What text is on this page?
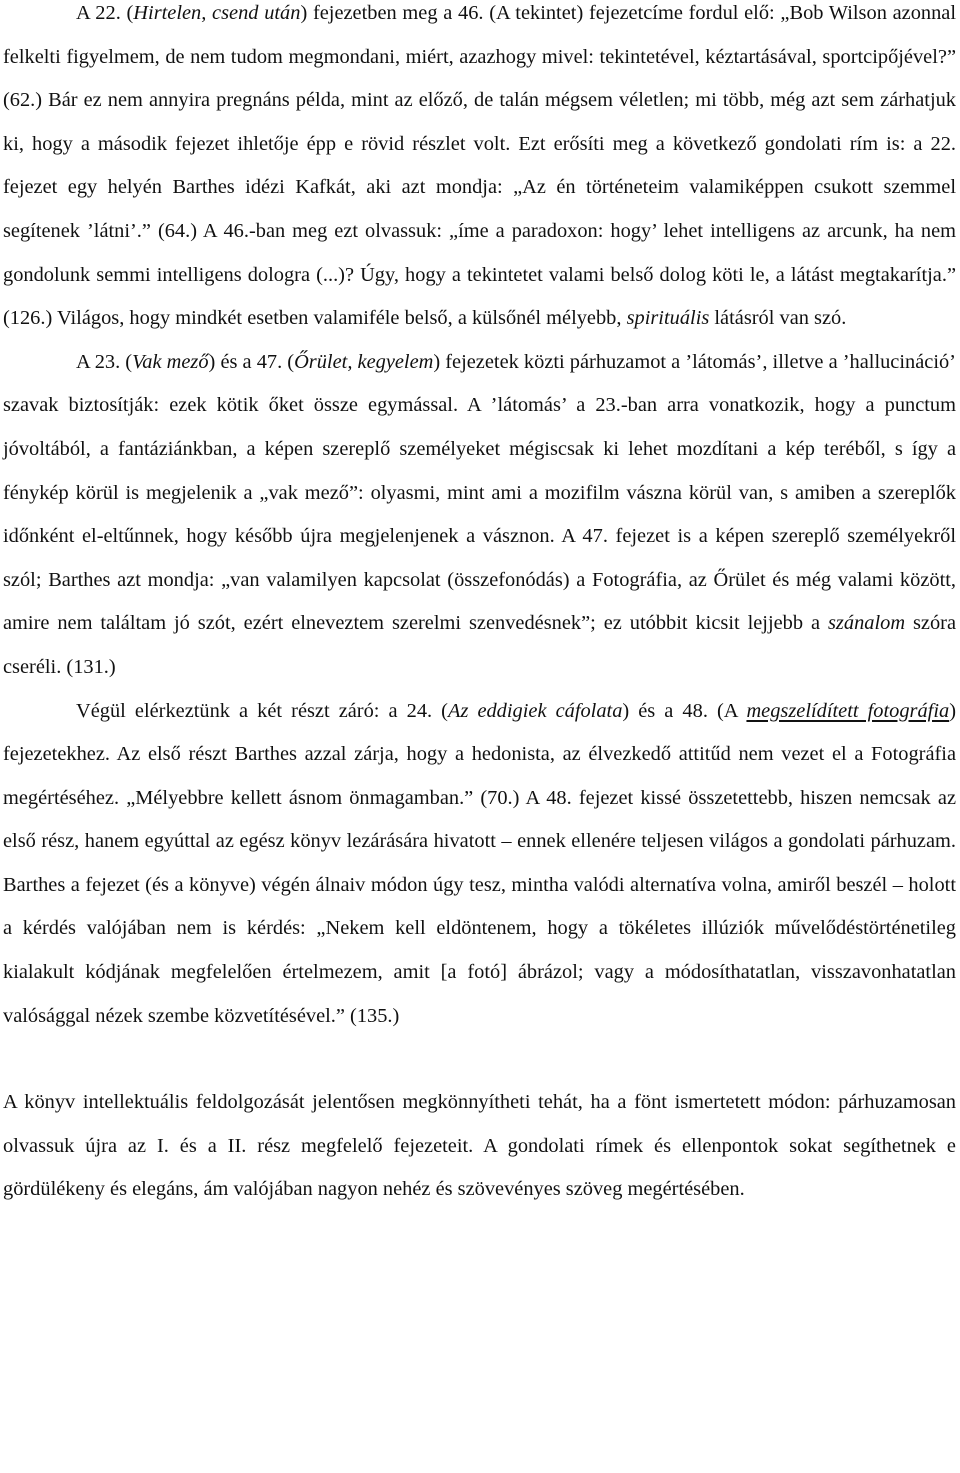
A 22. (Hirtelen, csend után) fejezetben meg a 46. (A tekintet) fejezetcíme fordul elő: „Bob Wilson azonnal felkelti figyelmem, de nem tudom megmondani, miért, azazhogy mivel: tekintetével, kéztartásával, sportcipőjével?” (62.) Bár ez nem annyira pregnáns példa, mint az előző, de talán mégsem véletlen; mi több, még azt sem zárhatjuk ki, hogy a második fejezet ihletője épp e rövid részlet volt. Ezt erősíti meg a következő gondolati rím is: a 22. fejezet egy helyén Barthes idézi Kafkát, aki azt mondja: „Az én történeteim valamiképpen csukott szemmel segítenek ’látni’.” (64.) A 46.-ban meg ezt olvassuk: „íme a paradoxon: hogy’ lehet intelligens az arcunk, ha nem gondolunk semmi intelligens dologra (...)? Úgy, hogy a tekintetet valami belső dolog köti le, a látást megtakarítja.” (126.) Világos, hogy mindkét esetben valamiféle belső, a külsőnél mélyebb, spirituális látásról van szó.

A 23. (Vak mező) és a 47. (Őrület, kegyelem) fejezetek közti párhuzamot a ’látomás’, illetve a ’hallucináció’ szavak biztosítják: ezek kötik őket össze egymással. A ’látomás’ a 23.-ban arra vonatkozik, hogy a punctum jóvoltából, a fantáziánkban, a képen szereplő személyeket mégiscsak ki lehet mozdítani a kép teréből, s így a fénykép körül is megjelenik a „vak mező”: olyasmi, mint ami a mozifilm vászna körül van, s amiben a szereplők időnként el-eltűnnek, hogy később újra megjelenjenek a vásznon. A 47. fejezet is a képen szereplő személyekről szól; Barthes azt mondja: „van valamilyen kapcsolat (összefonódás) a Fotográfia, az Őrület és még valami között, amire nem találtam jó szót, ezért elneveztem szerelmi szenvedésnek”; ez utóbbit kicsit lejjebb a szánalom szóra cseréli. (131.)

Végül elérkeztünk a két részt záró: a 24. (Az eddigiek cáfolata) és a 48. (A megszelídített fotográfia) fejezetekhez. Az első részt Barthes azzal zárja, hogy a hedonista, az élvezkedő attitűd nem vezet el a Fotográfia megértéséhez. „Mélyebbre kellett ásnom önmagamban.” (70.) A 48. fejezet kissé összetettebb, hiszen nemcsak az első rész, hanem egyúttal az egész könyv lezárására hivatott – ennek ellenére teljesen világos a gondolati párhuzam. Barthes a fejezet (és a könyve) végén álnaiv módon úgy tesz, mintha valódi alternatíva volna, amiről beszél – holott a kérdés valójában nem is kérdés: „Nekem kell eldöntenem, hogy a tökéletes illúziók művelődéstörténetileg kialakult kódjának megfelelően értelmezem, amit [a fotó] ábrázol; vagy a módosíthatatlan, visszavonhatatlan valósággal nézek szembe közvetítésével.” (135.)

A könyv intellektuális feldolgozását jelentősen megkönnyítheti tehát, ha a fönt ismertetett módon: párhuzamosan olvassuk újra az I. és a II. rész megfelelő fejezeteit. A gondolati rímek és ellenpontok sokat segíthetnek e gördülékeny és elegáns, ám valójában nagyon nehéz és szövevényes szöveg megértésében.
